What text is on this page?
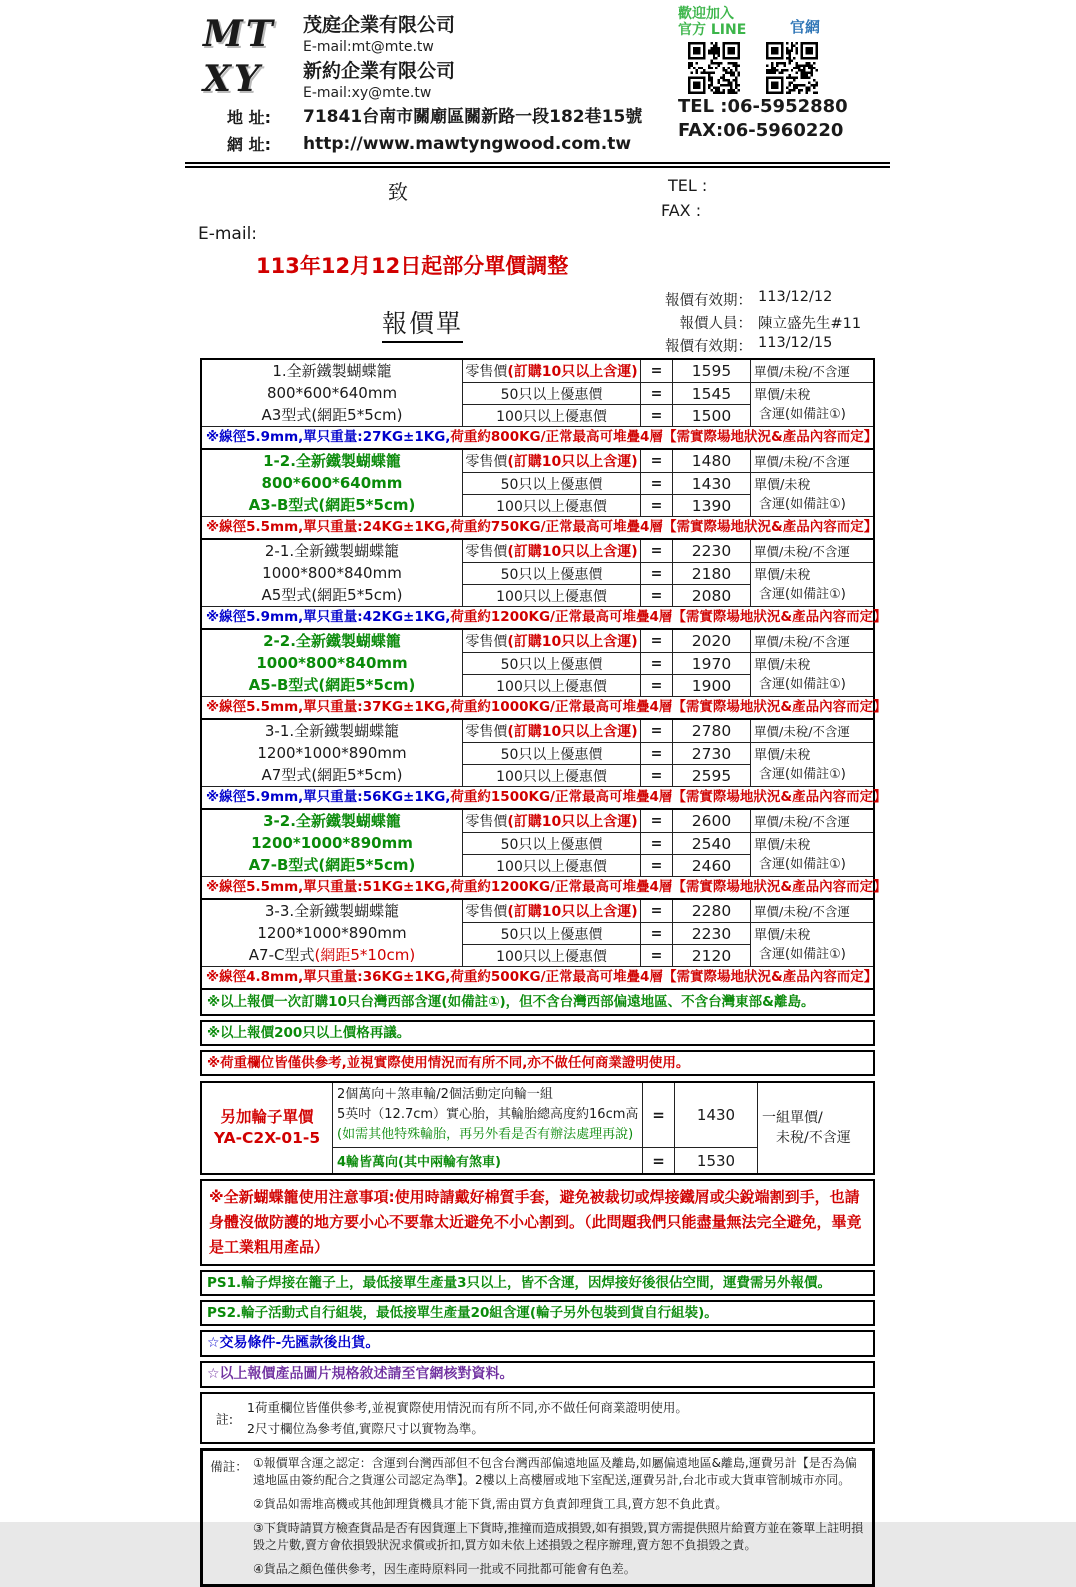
MT
XY
茂庭企業有限公司
E-mail:mt@mte.tw
新約企業有限公司
E-mail:xy@mte.tw
地 址:	71841台南市關廟區關新路一段182巷15號
網 址:	http://www.mawtyngwood.com.tw
歡迎加入
官方 LINE	官網
TEL :06-5952880
FAX:06-5960220
致	TEL :
FAX :
E-mail:
113年12月12日起部分單價調整
報價單
報價有效期： 113/12/12
報價人員： 陳立盛先生#11
報價有效期： 113/12/15
1.全新鐵製蝴蝶籠
800*600*640mm
A3型式(網距5*5cm)
零售價 (訂購10只以上含運) =	1595	單價/未稅/不含運
50只以上優惠價	=	1545	單價/未稅
含運(如備註①)
100只以上優惠價	=	1500
※線徑5.9mm,單只重量:27KG±1KG,荷重約800KG/正常最高可堆疊4層【需實際場地狀況&產品內容而定】
1-2.全新鐵製蝴蝶籠
800*600*640mm
A3-B型式(網距5*5cm)
零售價 (訂購10只以上含運) =	1480	單價/未稅/不含運
50只以上優惠價	=	1430	單價/未稅
含運(如備註①)
100只以上優惠價	=	1390
※線徑5.5mm,單只重量:24KG±1KG,荷重約750KG/正常最高可堆疊4層【需實際場地狀況&產品內容而定】
2-1.全新鐵製蝴蝶籠
1000*800*840mm
A5型式(網距5*5cm)
零售價 (訂購10只以上含運) =	2230	單價/未稅/不含運
50只以上優惠價	=	2180	單價/未稅
含運(如備註①)
100只以上優惠價	=	2080
※線徑5.9mm,單只重量:42KG±1KG,荷重約1200KG/正常最高可堆疊4層【需實際場地狀況&產品內容而定】
2-2.全新鐵製蝴蝶籠
1000*800*840mm
A5-B型式(網距5*5cm)
零售價 (訂購10只以上含運) =	2020	單價/未稅/不含運
50只以上優惠價	=	1970	單價/未稅
含運(如備註①)
100只以上優惠價	=	1900
※線徑5.5mm,單只重量:37KG±1KG,荷重約1000KG/正常最高可堆疊4層【需實際場地狀況&產品內容而定】
3-1.全新鐵製蝴蝶籠
1200*1000*890mm
A7型式(網距5*5cm)
零售價 (訂購10只以上含運) =	2780	單價/未稅/不含運
50只以上優惠價	=	2730	單價/未稅
含運(如備註①)
100只以上優惠價	=	2595
※線徑5.9mm,單只重量:56KG±1KG,荷重約1500KG/正常最高可堆疊4層【需實際場地狀況&產品內容而定】
3-2.全新鐵製蝴蝶籠
1200*1000*890mm
A7-B型式(網距5*5cm)
零售價 (訂購10只以上含運) =	2600	單價/未稅/不含運
50只以上優惠價	=	2540	單價/未稅
含運(如備註①)
100只以上優惠價	=	2460
※線徑5.5mm,單只重量:51KG±1KG,荷重約1200KG/正常最高可堆疊4層【需實際場地狀況&產品內容而定】
3-3.全新鐵製蝴蝶籠
1200*1000*890mm
A7-C型式(網距5*10cm)
零售價 (訂購10只以上含運) =	2280	單價/未稅/不含運
50只以上優惠價	=	2230	單價/未稅
含運(如備註①)
100只以上優惠價	=	2120
※線徑4.8mm,單只重量:36KG±1KG,荷重約500KG/正常最高可堆疊4層【需實際場地狀況&產品內容而定】
※以上報價一次訂購10只台灣西部含運(如備註①)，但不含台灣西部偏遠地區、不含台灣東部&離島。
※以上報價200只以上價格再議。
※荷重欄位皆僅供參考,並視實際使用情況而有所不同,亦不做任何商業證明使用。
另加輪子單價
YA-C2X-01-5
2個萬向＋煞車輪/2個活動定向輪一組
5英吋（12.7cm）實心胎，其輪胎總高度約16cm高
(如需其他特殊輪胎，再另外看是否有辦法處理再說)
=	1430	一組單價/
未稅/不含運
4輪皆萬向(其中兩輪有煞車)	=	1530
※全新蝴蝶籠使用注意事項:使用時請戴好棉質手套，避免被裁切或焊接鐵屑或尖銳端割到手，也請身體沒做防護的地方要小心不要靠太近避免不小心割到。（此問題我們只能盡量無法完全避免，畢竟是工業粗用產品）
PS1.輪子焊接在籠子上，最低接單生產量3只以上，皆不含運，因焊接好後很佔空間，運費需另外報價。
PS2.輪子活動式自行組裝，最低接單生產量20組含運(輪子另外包裝到貨自行組裝)。
☆交易條件-先匯款後出貨。
☆以上報價產品圖片規格敘述請至官網核對資料。
註:
1荷重欄位皆僅供參考,並視實際使用情況而有所不同,亦不做任何商業證明使用。
2尺寸欄位為參考值,實際尺寸以實物為準。
備註： ①報價單含運之認定：含運到台灣西部但不包含台灣西部偏遠地區及離島,如屬偏遠地區&離島,運費另計【是否為偏遠地區由簽約配合之貨運公司認定為準】。2樓以上高樓層或地下室配送,運費另計,台北市或大貨車管制城市亦同。
②貨品如需堆高機或其他卸理貨機具才能下貨,需由買方負責卸理貨工具,賣方恕不負此責。
③下貨時請買方檢查貨品是否有因貨運上下貨時,推撞而造成損毀,如有損毀,買方需提供照片給賣方並在簽單上註明損毀之片數,賣方會依損毀狀況求償或折扣,買方如未依上述損毀之程序辦理,賣方恕不負損毀之責。
④貨品之顏色僅供參考，因生產時原料同一批或不同批都可能會有色差。
